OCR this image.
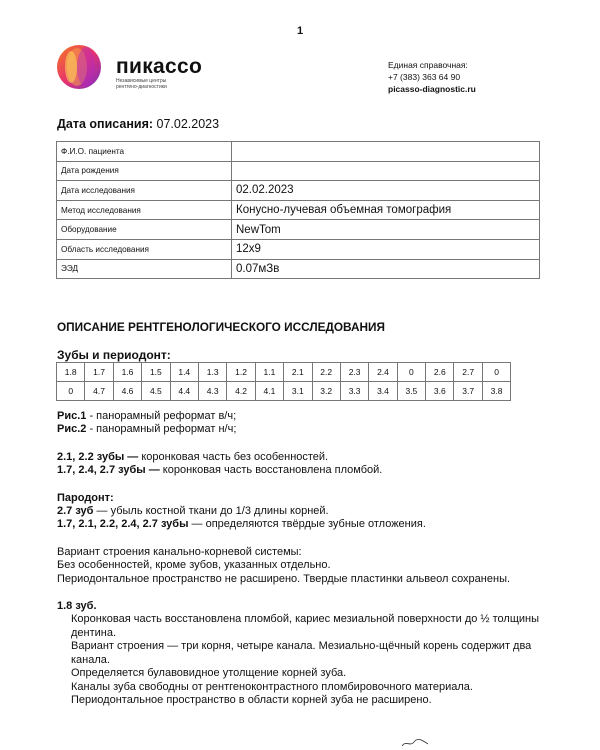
1
пикассо
Независимые центры рентгено-диагностики
Единая справочная:
+7 (383) 363 64 90
picasso-diagnostic.ru
Дата описания: 07.02.2023
Ф.И.О. пациента	
Дата рождения	
Дата исследования	02.02.2023
Метод исследования	Конусно-лучевая объемная томография
Оборудование	NewTom
Область исследования	12x9
ЭЭД	0.07мЗв
ОПИСАНИЕ РЕНТГЕНОЛОГИЧЕСКОГО ИССЛЕДОВАНИЯ
Зубы и периодонт:
1.8	1.7	1.6	1.5	1.4	1.3	1.2	1.1	2.1	2.2	2.3	2.4	0	2.6	2.7	0
0	4.7	4.6	4.5	4.4	4.3	4.2	4.1	3.1	3.2	3.3	3.4	3.5	3.6	3.7	3.8

Рис.1 - панорамный реформат в/ч;

Рис.2 - панорамный реформат н/ч;

2.1, 2.2 зубы — коронковая часть без особенностей.

1.7, 2.4, 2.7 зубы — коронковая часть восстановлена пломбой.

Пародонт:

2.7 зуб — убыль костной ткани до 1/3 длины корней.

1.7, 2.1, 2.2, 2.4, 2.7 зубы — определяются твёрдые зубные отложения.

Вариант строения канально-корневой системы:

Без особенностей, кроме зубов, указанных отдельно.

Периодонтальное пространство не расширено. Твердые пластинки альвеол сохранены.

1.8 зуб.

Коронковая часть восстановлена пломбой, кариес мезиальной поверхности до ½ толщины дентина.

Вариант строения — три корня, четыре канала. Мезиально-щёчный корень содержит два канала.

Определяется булавовидное утолщение корней зуба.

Каналы зуба свободны от рентгеноконтрастного пломбировочного материала.

Периодонтальное пространство в области корней зуба не расширено.
